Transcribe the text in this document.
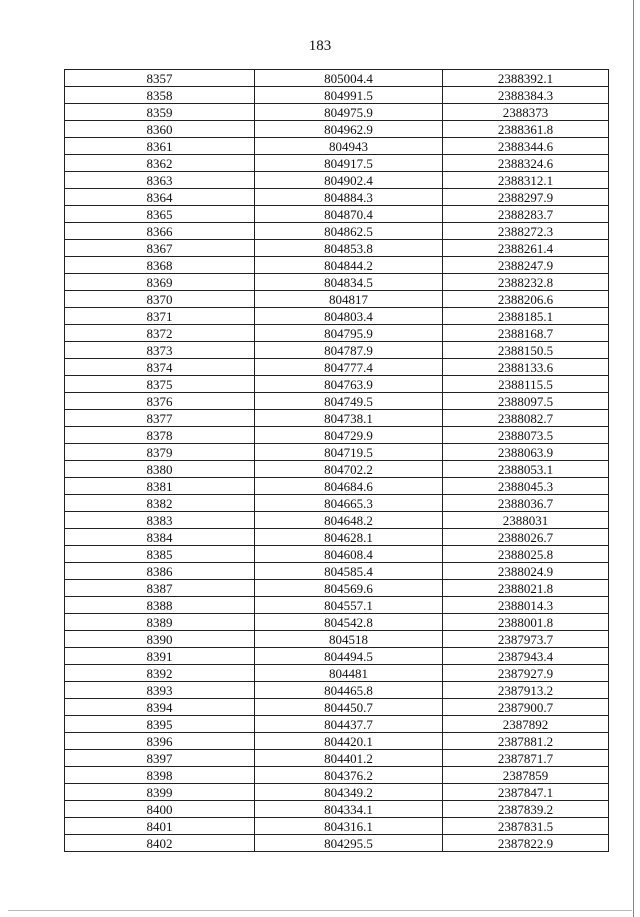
183
8357	805004.4	2388392.1
8358	804991.5	2388384.3
8359	804975.9	2388373
8360	804962.9	2388361.8
8361	804943	2388344.6
8362	804917.5	2388324.6
8363	804902.4	2388312.1
8364	804884.3	2388297.9
8365	804870.4	2388283.7
8366	804862.5	2388272.3
8367	804853.8	2388261.4
8368	804844.2	2388247.9
8369	804834.5	2388232.8
8370	804817	2388206.6
8371	804803.4	2388185.1
8372	804795.9	2388168.7
8373	804787.9	2388150.5
8374	804777.4	2388133.6
8375	804763.9	2388115.5
8376	804749.5	2388097.5
8377	804738.1	2388082.7
8378	804729.9	2388073.5
8379	804719.5	2388063.9
8380	804702.2	2388053.1
8381	804684.6	2388045.3
8382	804665.3	2388036.7
8383	804648.2	2388031
8384	804628.1	2388026.7
8385	804608.4	2388025.8
8386	804585.4	2388024.9
8387	804569.6	2388021.8
8388	804557.1	2388014.3
8389	804542.8	2388001.8
8390	804518	2387973.7
8391	804494.5	2387943.4
8392	804481	2387927.9
8393	804465.8	2387913.2
8394	804450.7	2387900.7
8395	804437.7	2387892
8396	804420.1	2387881.2
8397	804401.2	2387871.7
8398	804376.2	2387859
8399	804349.2	2387847.1
8400	804334.1	2387839.2
8401	804316.1	2387831.5
8402	804295.5	2387822.9
